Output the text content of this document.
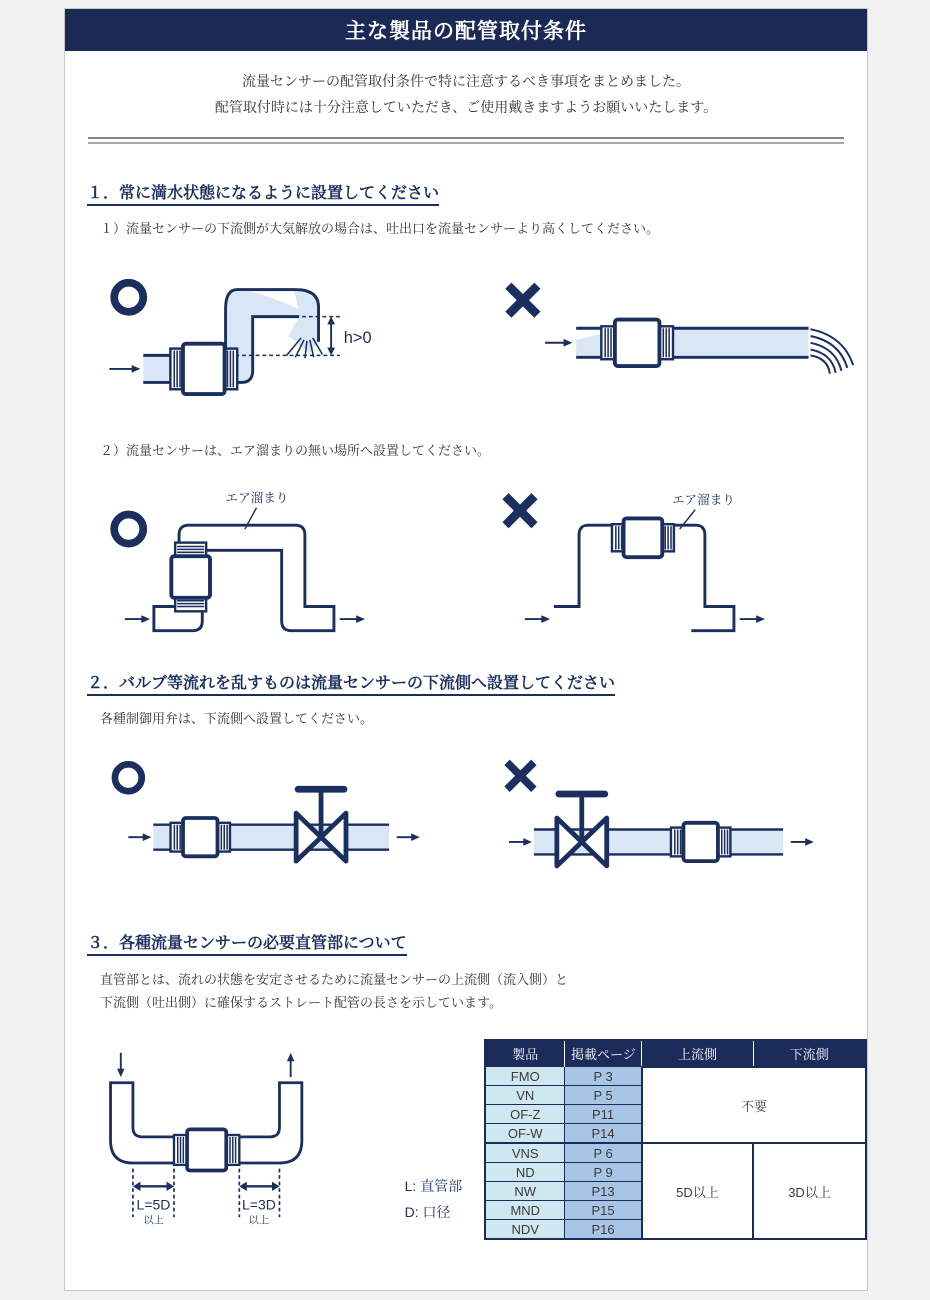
主な製品の配管取付条件
流量センサーの配管取付条件で特に注意するべき事項をまとめました。
配管取付時には十分注意していただき、ご使用戴きますようお願いいたします。
１．常に満水状態になるように設置してください
１）流量センサーの下流側が大気解放の場合は、吐出口を流量センサーより高くしてください。
h>0
２）流量センサーは、エア溜まりの無い場所へ設置してください。
エア溜まり	エア溜まり
２．バルブ等流れを乱すものは流量センサーの下流側へ設置してください
各種制御用弁は、下流側へ設置してください。
３．各種流量センサーの必要直管部について
直管部とは、流れの状態を安定させるために流量センサーの上流側（流入側）と
下流側（吐出側）に確保するストレート配管の長さを示しています。
L=5D
以上
L=3D
以上
L: 直管部
D: 口径
製品	掲載ページ	上流側	下流側
FMO	P 3	不要	
VN	P 5		
OF-Z	P11		
OF-W	P14		
VNS	P 6	5D以上	3D以上
ND	P 9		
NW	P13		
MND	P15		
NDV	P16		
